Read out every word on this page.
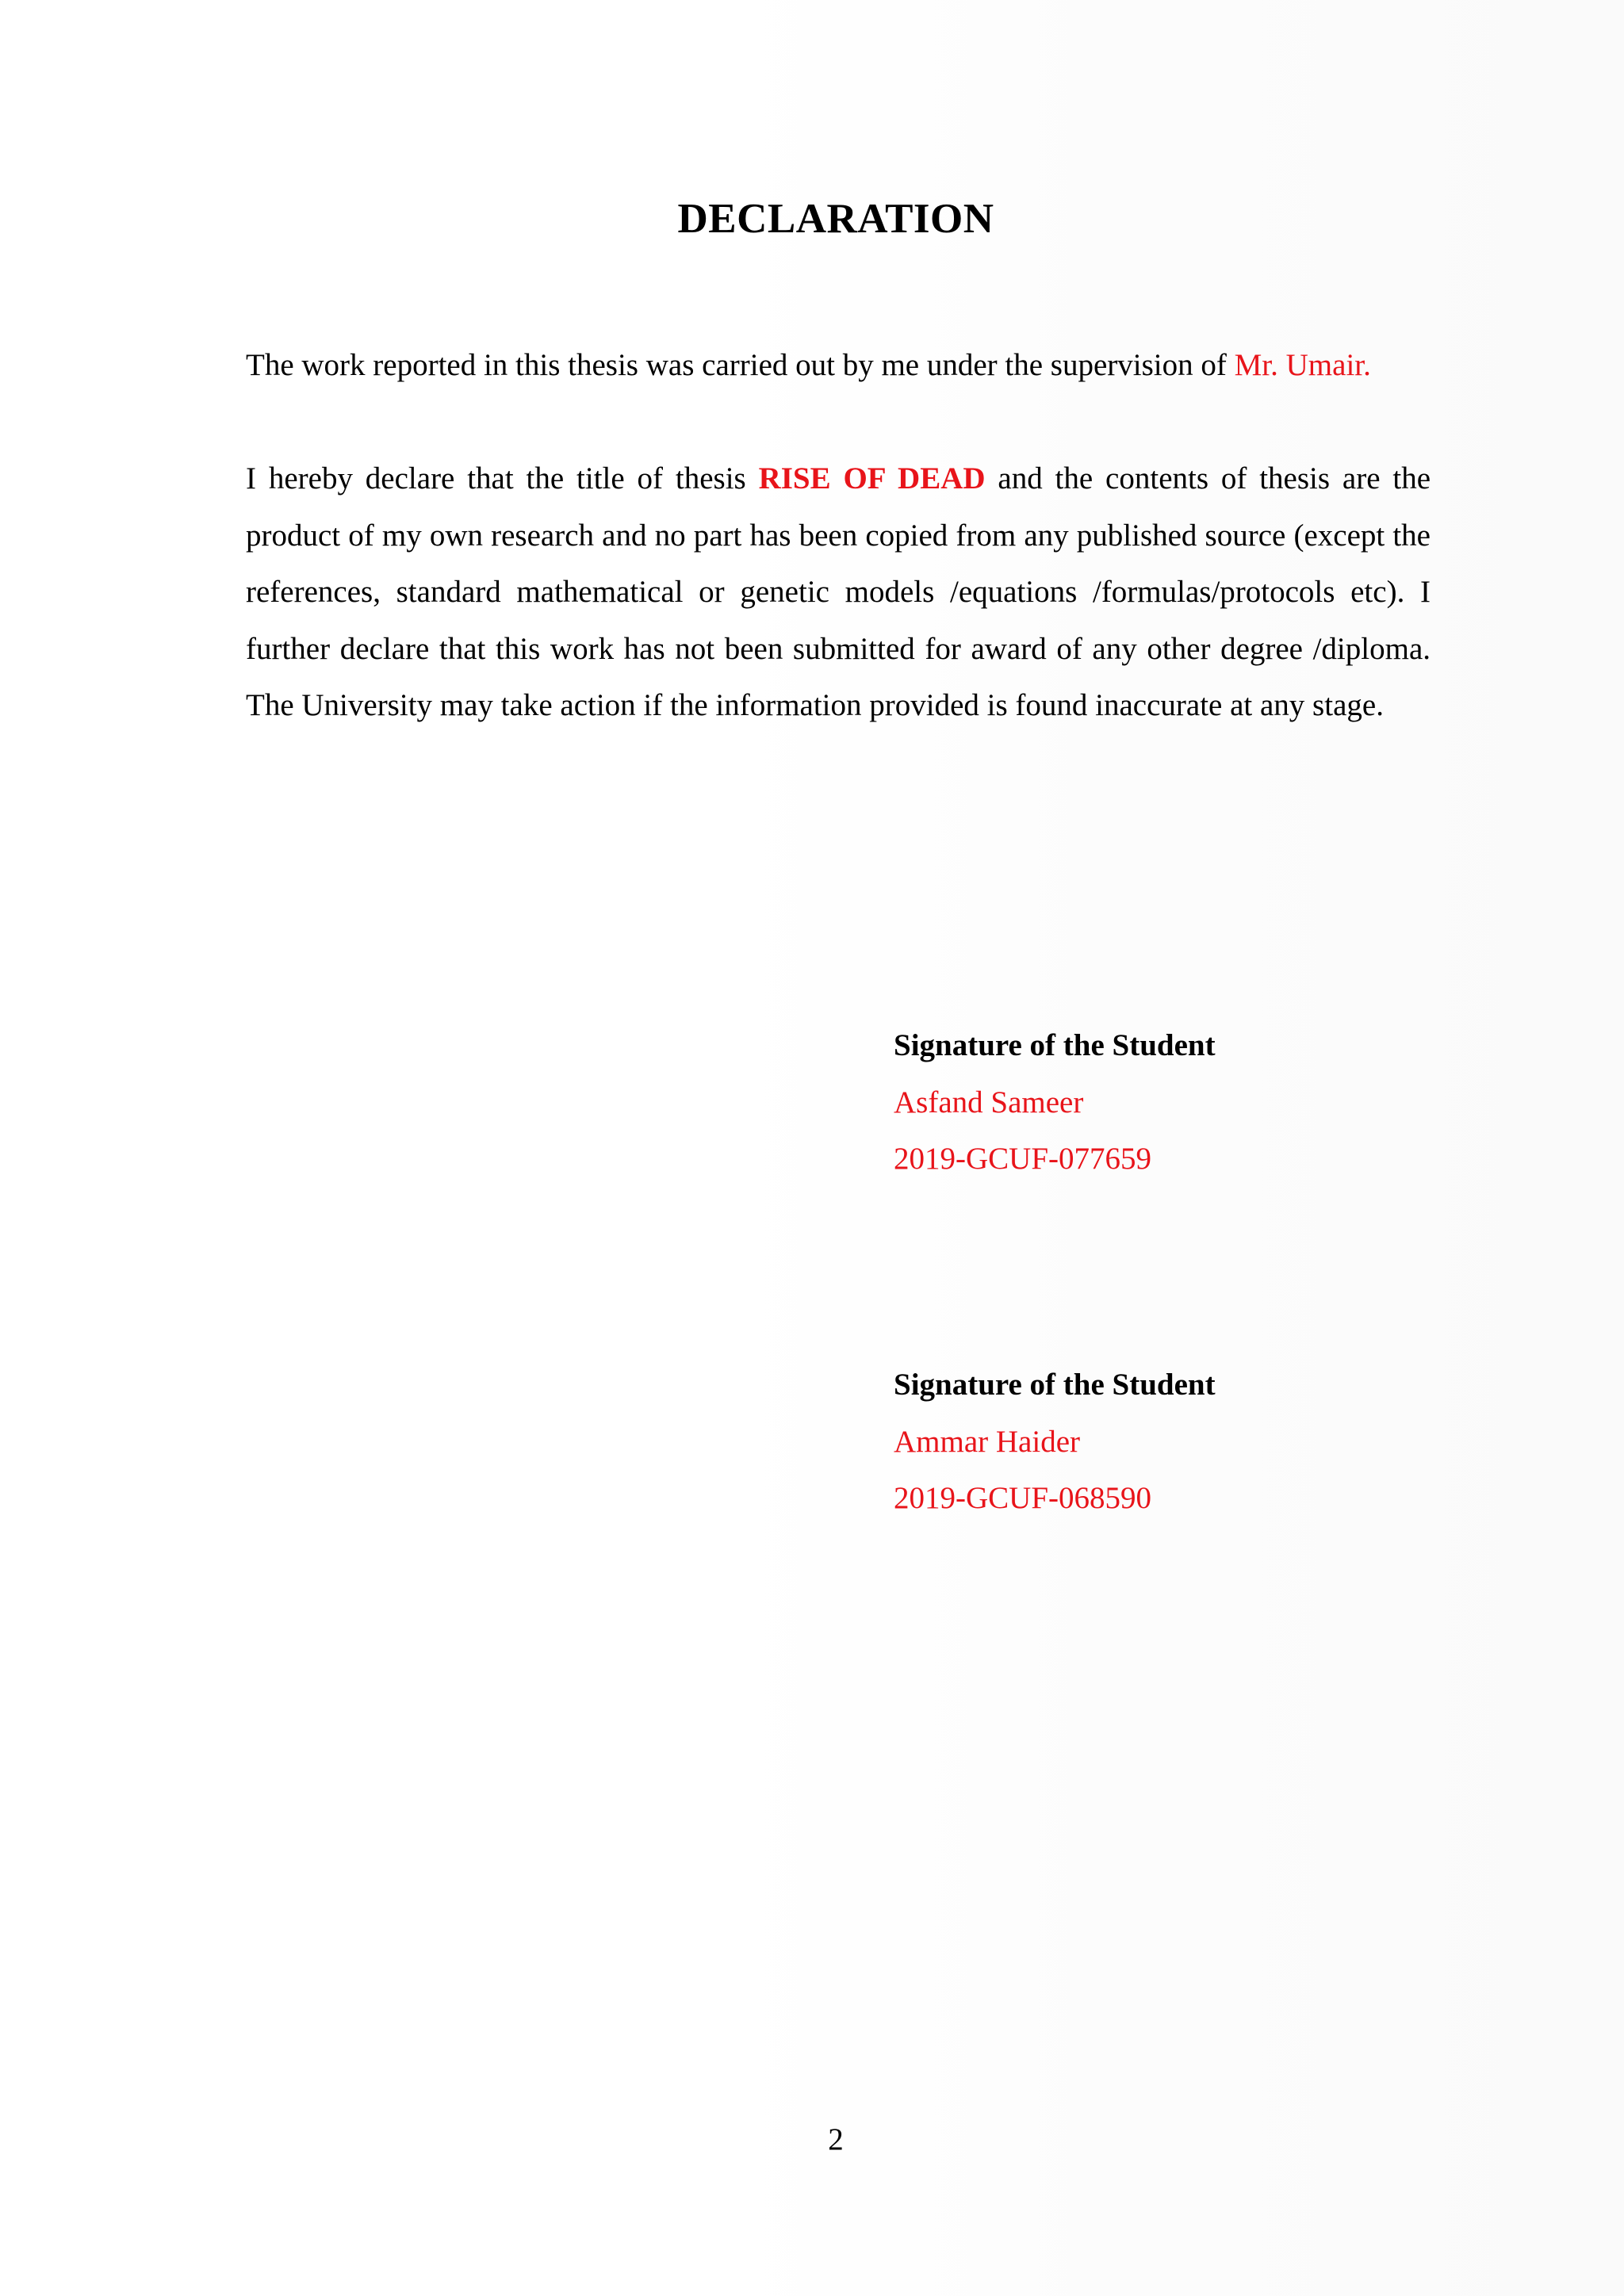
DECLARATION

The work reported in this thesis was carried out by me under the supervision of Mr. Umair.

I hereby declare that the title of thesis RISE OF DEAD and the contents of thesis are the product of my own research and no part has been copied from any published source (except the references, standard mathematical or genetic models /equations /formulas/protocols etc). I further declare that this work has not been submitted for award of any other degree /diploma. The University may take action if the information provided is found inaccurate at any stage.

Signature of the Student
Asfand Sameer
2019-GCUF-077659
Signature of the Student
Ammar Haider
2019-GCUF-068590

2
